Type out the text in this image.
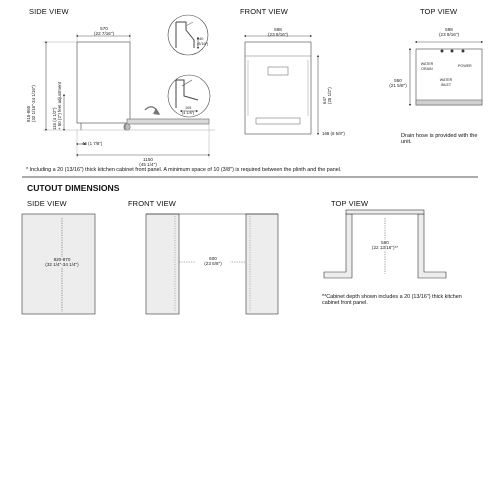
SIDE VIEW	FRONT VIEW	TOP VIEW
570
(22 7/16")
815-865 (32 1/16"-34 1/16")	115 (4 1/2") + 50 (2") feet adjustment
46 (1 7/8")
1150
(45 1/4")
240
(9/16")
105
(4 1/8")
598
(23 9/16")
647 (25 1/2")
168 (6 5/8")
598
(23 9/16")
550
(21 5/8")
WATER DRAIN
POWER
WATER INLET
Drain hose is provided with the unit.
* Including a 20 (13/16") thick kitchen cabinet front panel. A minimum space of 10 (3/8") is required between the plinth and the panel.
CUTOUT DIMENSIONS
SIDE VIEW	FRONT VIEW	TOP VIEW
820-870
(32 1/4"-34 1/4")
600
(23 5/8")
580
(22 13/16")**
**Cabinet depth shown includes a 20 (13/16") thick kitchen cabinet front panel.
